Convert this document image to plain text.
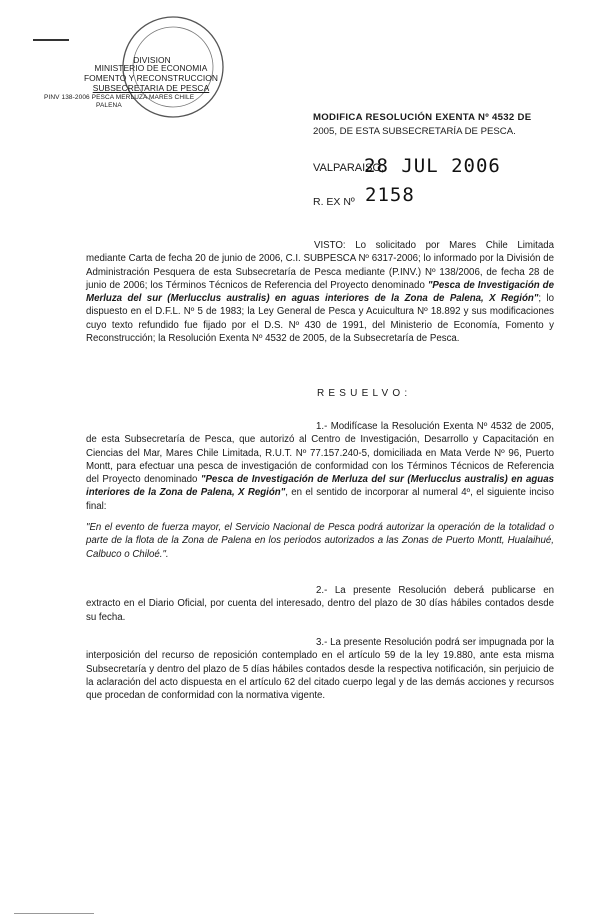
DIVISION
MINISTERIO DE ECONOMIA
FOMENTO Y RECONSTRUCCION
SUBSECRETARIA DE PESCA
PINV 138-2006 PESCA MERLUZA MARES CHILE
PALENA
MODIFICA RESOLUCIÓN EXENTA Nº 4532 DE
2005, DE ESTA SUBSECRETARÍA DE PESCA.
VALPARAISO,
28 JUL 2006
R. EX Nº 2158
VISTO: Lo solicitado por Mares Chile Limitada mediante Carta de fecha 20 de junio de 2006, C.I. SUBPESCA Nº 6317-2006; lo informado por la División de Administración Pesquera de esta Subsecretaría de Pesca mediante (P.INV.) Nº 138/2006, de fecha 28 de junio de 2006; los Términos Técnicos de Referencia del Proyecto denominado "Pesca de Investigación de Merluza del sur (Merlucclus australis) en aguas interiores de la Zona de Palena, X Región"; lo dispuesto en el D.F.L. Nº 5 de 1983; la Ley General de Pesca y Acuicultura Nº 18.892 y sus modificaciones cuyo texto refundido fue fijado por el D.S. Nº 430 de 1991, del Ministerio de Economía, Fomento y Reconstrucción; la Resolución Exenta Nº 4532 de 2005, de la Subsecretaría de Pesca.
RESUELVO:
1.- Modifícase la Resolución Exenta Nº 4532 de 2005, de esta Subsecretaría de Pesca, que autorizó al Centro de Investigación, Desarrollo y Capacitación en Ciencias del Mar, Mares Chile Limitada, R.U.T. Nº 77.157.240-5, domiciliada en Mata Verde Nº 96, Puerto Montt, para efectuar una pesca de investigación de conformidad con los Términos Técnicos de Referencia del Proyecto denominado "Pesca de Investigación de Merluza del sur (Merlucclus australis) en aguas interiores de la Zona de Palena, X Región", en el sentido de incorporar al numeral 4º, el siguiente inciso final:
"En el evento de fuerza mayor, el Servicio Nacional de Pesca podrá autorizar la operación de la totalidad o parte de la flota de la Zona de Palena en los periodos autorizados a las Zonas de Puerto Montt, Hualaihué, Calbuco o Chiloé.".
2.- La presente Resolución deberá publicarse en extracto en el Diario Oficial, por cuenta del interesado, dentro del plazo de 30 días hábiles contados desde su fecha.
3.- La presente Resolución podrá ser impugnada por la interposición del recurso de reposición contemplado en el artículo 59 de la ley 19.880, ante esta misma Subsecretaría y dentro del plazo de 5 días hábiles contados desde la respectiva notificación, sin perjuicio de la aclaración del acto dispuesta en el artículo 62 del citado cuerpo legal y de las demás acciones y recursos que procedan de conformidad con la normativa vigente.
